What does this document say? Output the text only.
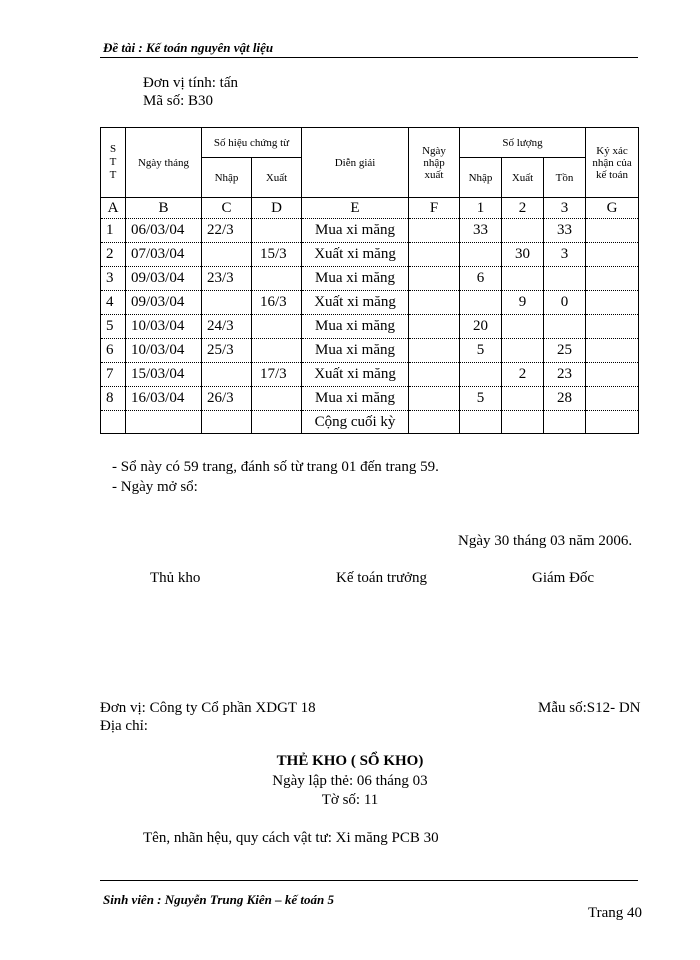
Đề tài : Kế toán nguyên vật liệu
Đơn vị tính: tấn
Mã số: B30
S T T	Ngày tháng	Số hiệu chứng từ		Diễn giải	Ngày nhập xuất	Số lượng			Ký xác nhận của kế toán
		Nhập	Xuất			Nhập	Xuất	Tồn	
A	B	C	D	E	F	1	2	3	G
1	06/03/04	22/3		Mua xi măng		33		33	
2	07/03/04		15/3	Xuất xi măng			30	3	
3	09/03/04	23/3		Mua xi măng		6			
4	09/03/04		16/3	Xuất xi măng			9	0	
5	10/03/04	24/3		Mua xi măng		20			
6	10/03/04	25/3		Mua xi măng		5		25	
7	15/03/04		17/3	Xuất xi măng			2	23	
8	16/03/04	26/3		Mua xi măng		5		28	
				Cộng cuối kỳ					
- Sổ này có 59 trang, đánh số từ trang 01 đến trang 59.
- Ngày mở sổ:
Ngày 30 tháng 03 năm 2006.
Thủ kho	Kế toán trưởng	Giám Đốc
Đơn vị: Công ty Cổ phần XDGT 18	Mẫu số:S12- DN
Địa chỉ:
THẺ KHO ( SỔ KHO)
Ngày lập thẻ: 06 tháng 03
Tờ số: 11
Tên, nhãn hệu, quy cách vật tư: Xi măng PCB 30
Sinh viên : Nguyễn Trung Kiên – kế toán 5
Trang 40
